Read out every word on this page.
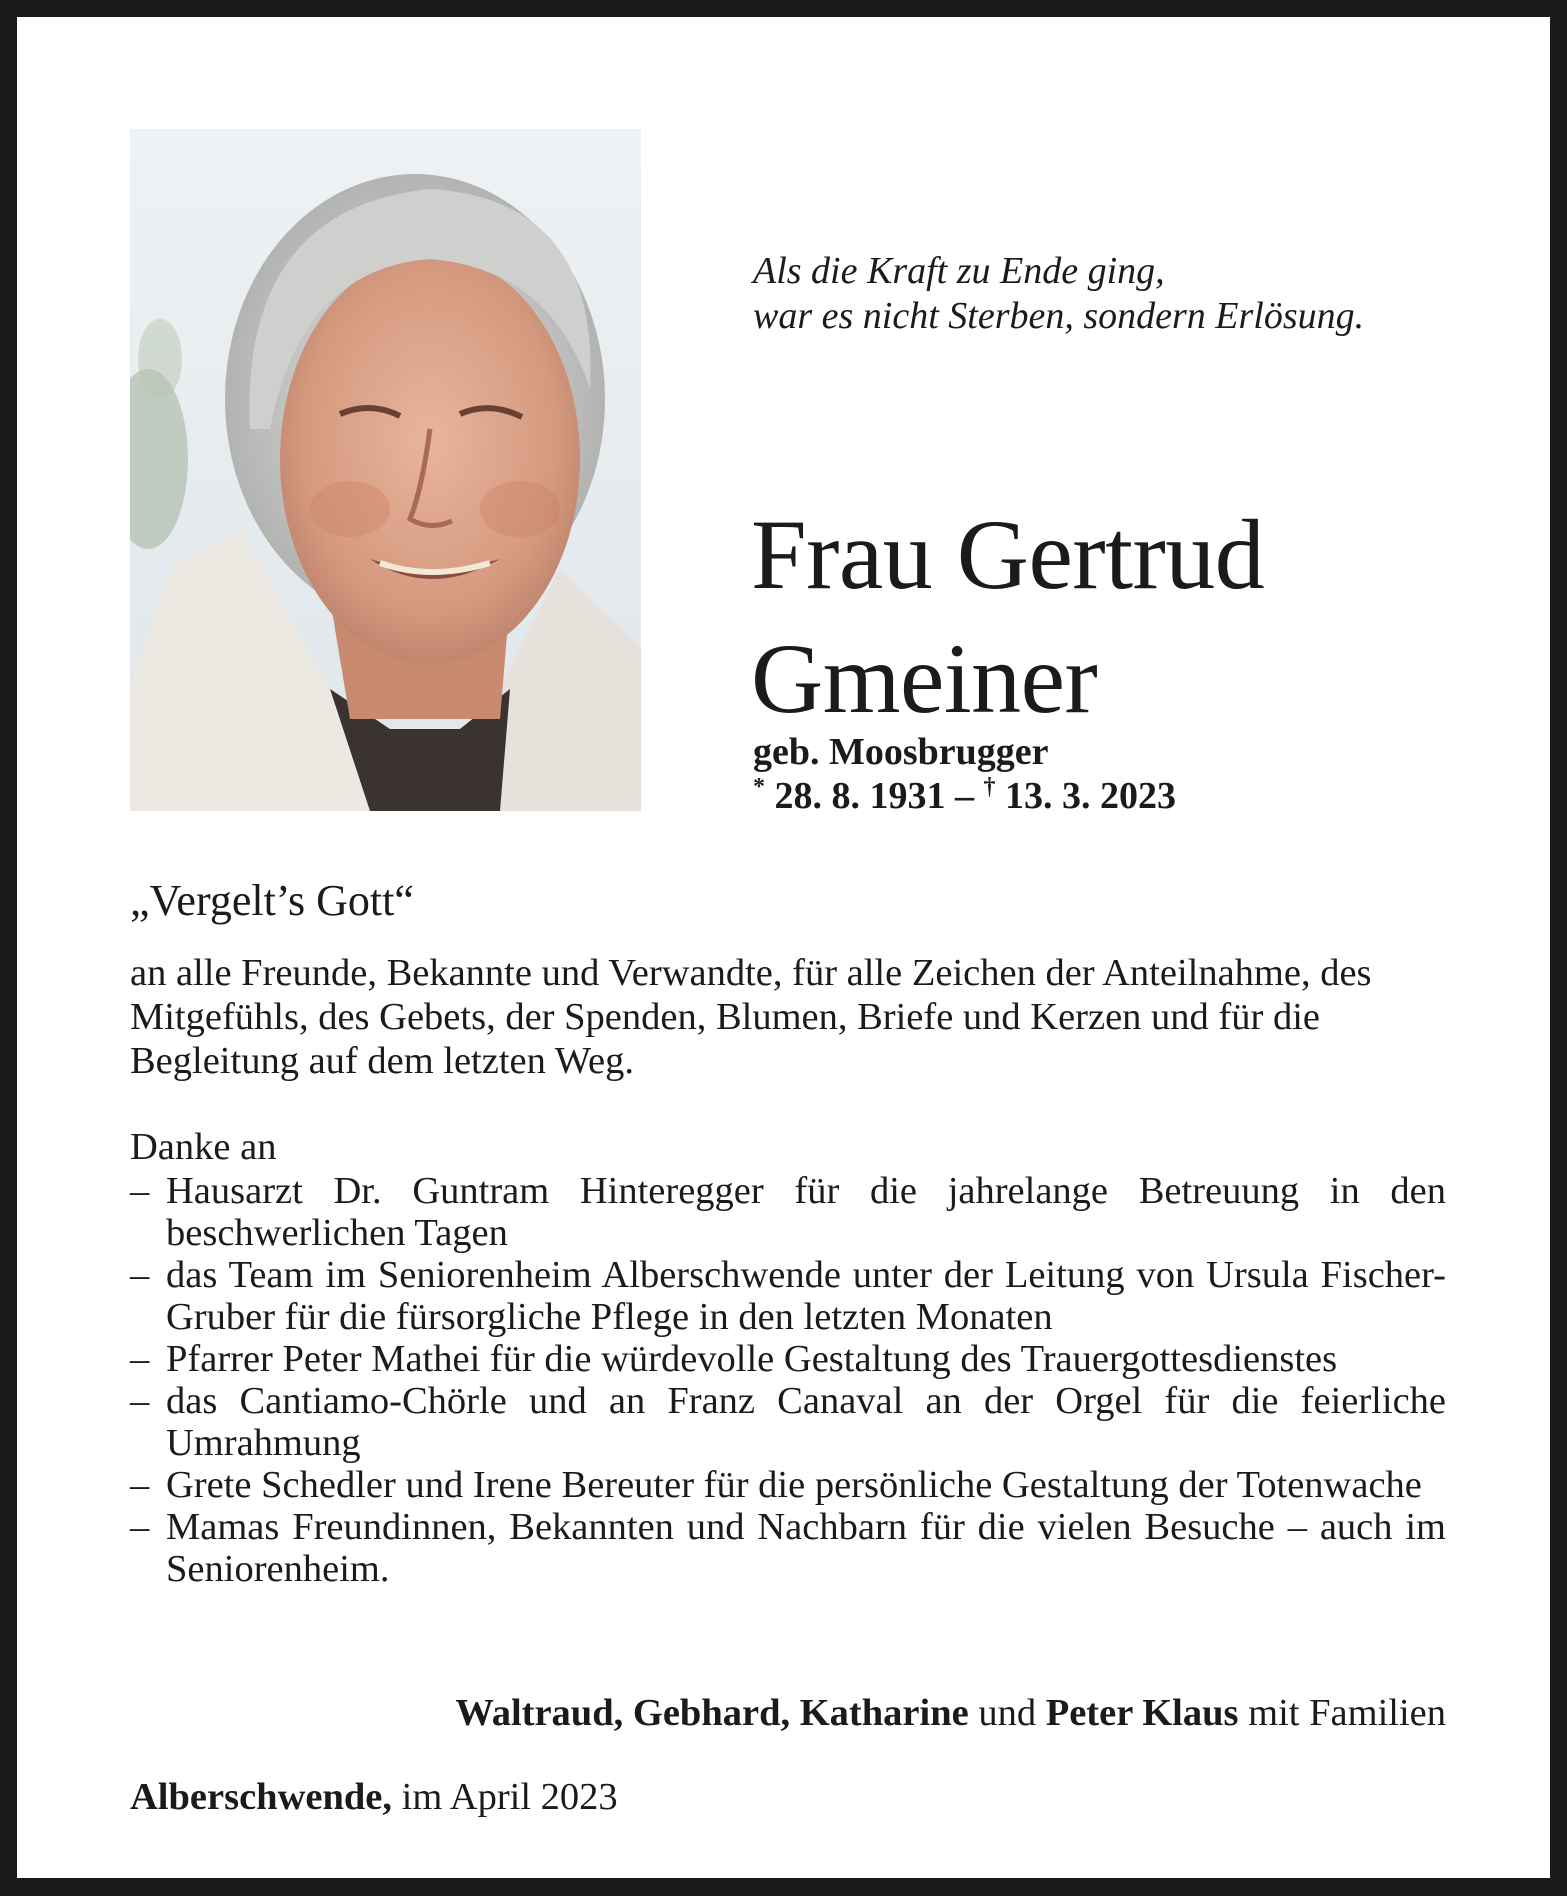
Als die Kraft zu Ende ging,
war es nicht Sterben, sondern Erlösung.
Frau Gertrud
Gmeiner
geb. Moosbrugger
* 28. 8. 1931 – † 13. 3. 2023
„Vergelt’s Gott“
an alle Freunde, Bekannte und Verwandte, für alle Zeichen der Anteilnahme, des Mitgefühls, des Gebets, der Spenden, Blumen, Briefe und Kerzen und für die Begleitung auf dem letzten Weg.
Danke an
– Hausarzt Dr. Guntram Hinteregger für die jahrelange Betreuung in den beschwerlichen Tagen
– das Team im Seniorenheim Alberschwende unter der Leitung von Ursula Fischer-Gruber für die fürsorgliche Pflege in den letzten Monaten
– Pfarrer Peter Mathei für die würdevolle Gestaltung des Trauergottesdienstes
– das Cantiamo-Chörle und an Franz Canaval an der Orgel für die feierliche Umrahmung
– Grete Schedler und Irene Bereuter für die persönliche Gestaltung der Totenwache
– Mamas Freundinnen, Bekannten und Nachbarn für die vielen Besuche – auch im Seniorenheim.
Waltraud, Gebhard, Katharine und Peter Klaus mit Familien
Alberschwende, im April 2023
